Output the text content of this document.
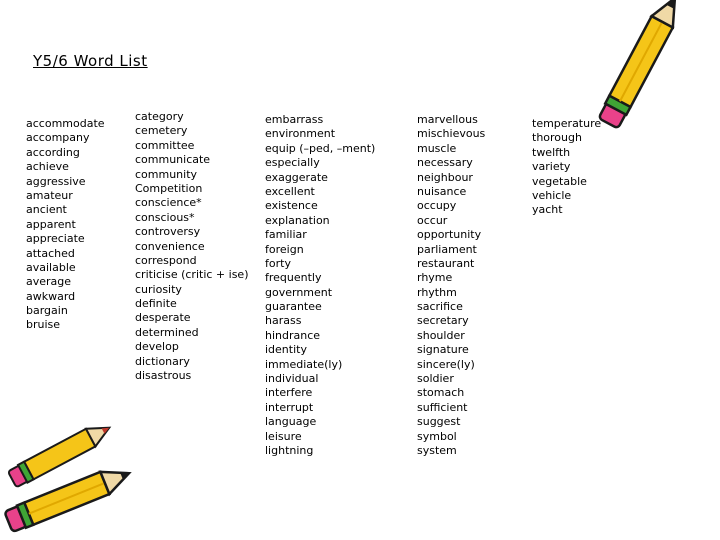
Y5/6 Word List
accommodate
accompany
according
achieve
aggressive
amateur
ancient
apparent
appreciate
attached
available
average
awkward
bargain
bruise
category
cemetery
committee
communicate
community
Competition
conscience*
conscious*
controversy
convenience
correspond
criticise (critic + ise)
curiosity
definite
desperate
determined
develop
dictionary
disastrous
embarrass
environment
equip (–ped, –ment)
especially
exaggerate
excellent
existence
explanation
familiar
foreign
forty
frequently
government
guarantee
harass
hindrance
identity
immediate(ly)
individual
interfere
interrupt
language
leisure
lightning
marvellous
mischievous
muscle
necessary
neighbour
nuisance
occupy
occur
opportunity
parliament
restaurant
rhyme
rhythm
sacrifice
secretary
shoulder
signature
sincere(ly)
soldier
stomach
sufficient
suggest
symbol
system
temperature
thorough
twelfth
variety
vegetable
vehicle
yacht
